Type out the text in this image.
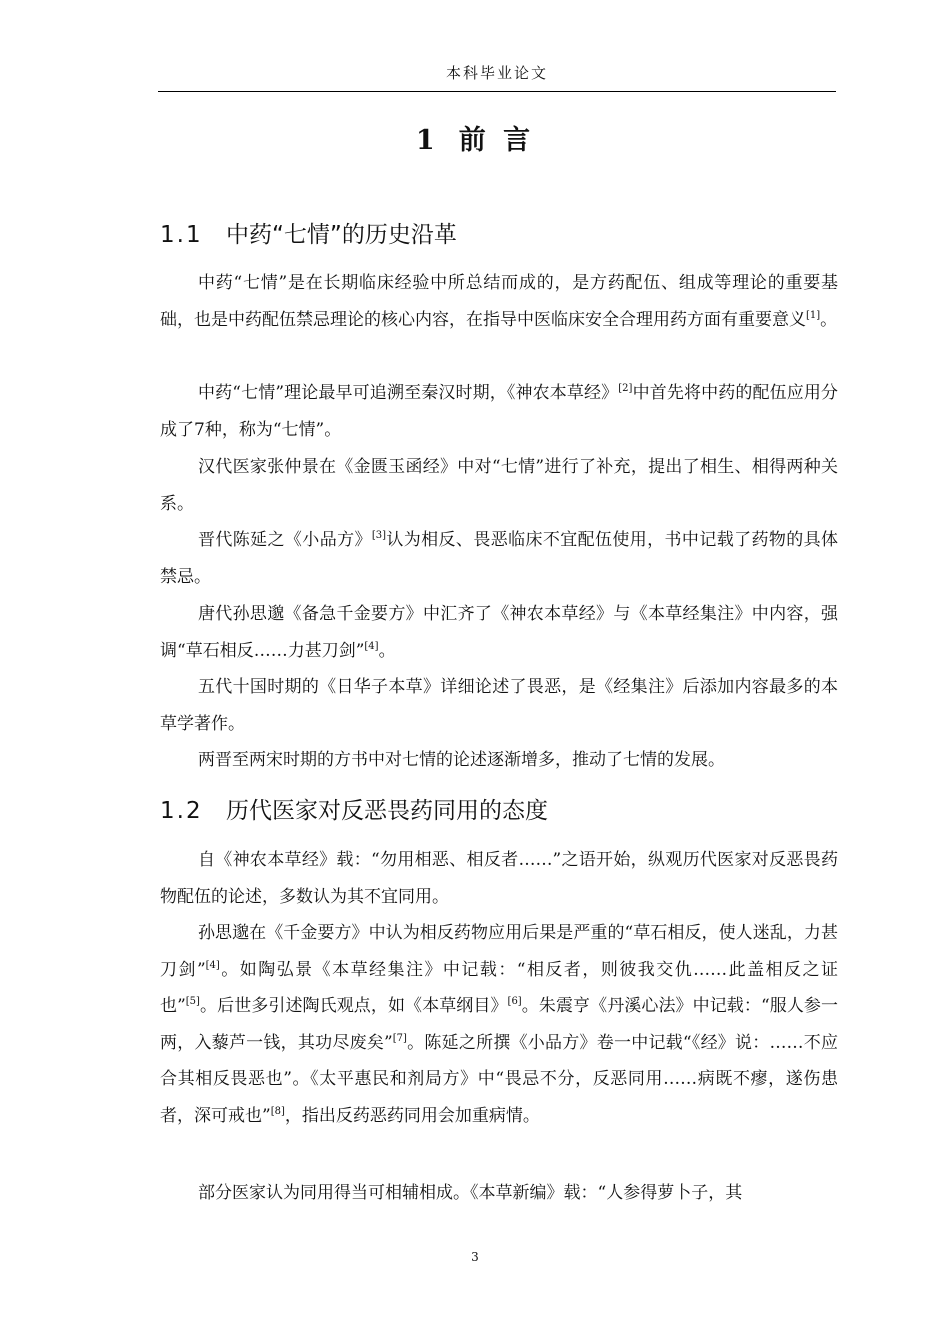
本科毕业论文
1 前 言
1.1 中药“七情”的历史沿革
中药“七情”是在长期临床经验中所总结而成的，是方药配伍、组成等理论的重要基础，也是中药配伍禁忌理论的核心内容，在指导中医临床安全合理用药方面有重要意义[1]。
中药“七情”理论最早可追溯至秦汉时期，《神农本草经》[2]中首先将中药的配伍应用分成了7种，称为“七情”。
汉代医家张仲景在《金匮玉函经》中对“七情”进行了补充，提出了相生、相得两种关系。
晋代陈延之《小品方》[3]认为相反、畏恶临床不宜配伍使用，书中记载了药物的具体禁忌。
唐代孙思邈《备急千金要方》中汇齐了《神农本草经》与《本草经集注》中内容，强调“草石相反……力甚刀剑”[4]。
五代十国时期的《日华子本草》详细论述了畏恶，是《经集注》后添加内容最多的本草学著作。
两晋至两宋时期的方书中对七情的论述逐渐增多，推动了七情的发展。
1.2 历代医家对反恶畏药同用的态度
自《神农本草经》载：“勿用相恶、相反者……”之语开始，纵观历代医家对反恶畏药物配伍的论述，多数认为其不宜同用。
孙思邈在《千金要方》中认为相反药物应用后果是严重的“草石相反，使人迷乱，力甚刀剑”[4]。如陶弘景《本草经集注》中记载：“相反者，则彼我交仇……此盖相反之证也”[5]。后世多引述陶氏观点，如《本草纲目》[6]。朱震亨《丹溪心法》中记载：“服人参一两，入藜芦一钱，其功尽废矣”[7]。陈延之所撰《小品方》卷一中记载“《经》说：……不应合其相反畏恶也”。《太平惠民和剂局方》中“畏忌不分，反恶同用……病既不瘳，遂伤患者，深可戒也”[8]，指出反药恶药同用会加重病情。
部分医家认为同用得当可相辅相成。《本草新编》载：“人参得萝卜子，其
3
